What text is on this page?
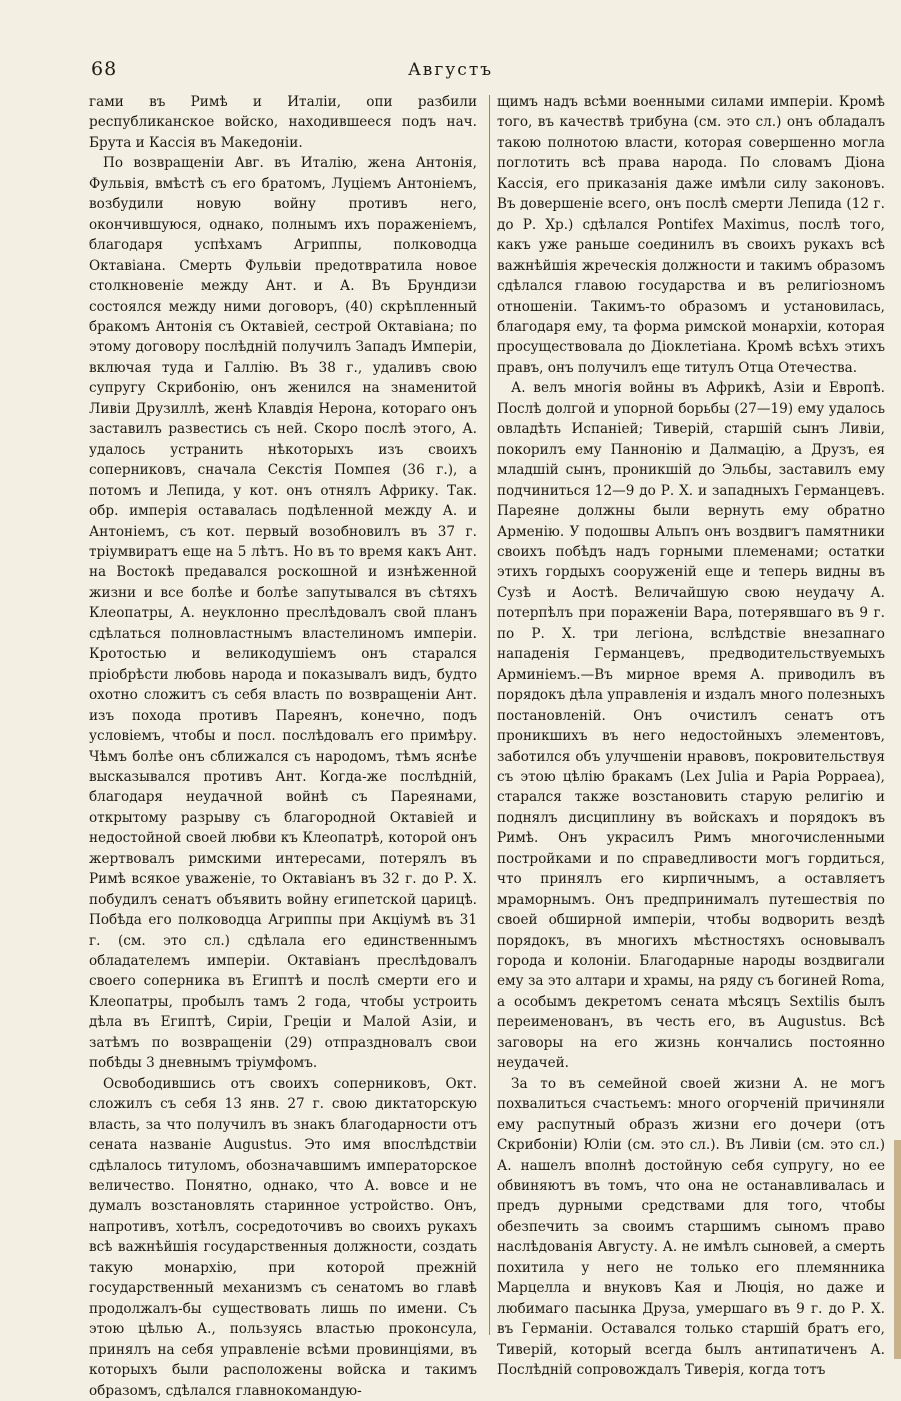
68	Августъ

гами въ Римѣ и Италіи, опи разбили республиканское войско, находившееся подъ нач. Брута и Кассія въ Македоніи.

По возвращеніи Авг. въ Италію, жена Антонія, Фульвія, вмѣстѣ съ его братомъ, Луціемъ Антоніемъ, возбудили новую войну противъ него, окончившуюся, однако, полнымъ ихъ пораженіемъ, благодаря успѣхамъ Агриппы, полководца Октавіана. Смерть Фульвіи предотвратила новое столкновеніе между Ант. и А. Въ Брундизи состоялся между ними договоръ, (40) скрѣпленный бракомъ Антонія съ Октавіей, сестрой Октавіана; по этому договору послѣдній получилъ Западъ Имперіи, включая туда и Галлію. Въ 38 г., удаливъ свою супругу Скрибонію, онъ женился на знаменитой Ливіи Друзиллѣ, женѣ Клавдія Нерона, котораго онъ заставилъ развестись съ ней. Скоро послѣ этого, А. удалось устранить нѣкоторыхъ изъ своихъ соперниковъ, сначала Секстія Помпея (36 г.), а потомъ и Лепида, у кот. онъ отнялъ Африку. Так. обр. имперія оставалась подѣленной между А. и Антоніемъ, съ кот. первый возобновилъ въ 37 г. тріумвиратъ еще на 5 лѣтъ. Но въ то время какъ Ант. на Востокѣ предавался роскошной и изнѣженной жизни и все болѣе и болѣе запутывался въ сѣтяхъ Клеопатры, А. неуклонно преслѣдовалъ свой планъ сдѣлаться полновластнымъ властелиномъ имперіи. Кротостью и великодушіемъ онъ старался пріобрѣсти любовь народа и показывалъ видъ, будто охотно сложитъ съ себя власть по возвращеніи Ант. изъ похода противъ Пареянъ, конечно, подъ условіемъ, чтобы и посл. послѣдовалъ его примѣру. Чѣмъ болѣе онъ сближался съ народомъ, тѣмъ яснѣе высказывался противъ Ант. Когда-же послѣдній, благодаря неудачной войнѣ съ Пареянами, открытому разрыву съ благородной Октавіей и недостойной своей любви къ Клеопатрѣ, которой онъ жертвовалъ римскими интересами, потерялъ въ Римѣ всякое уваженіе, то Октавіанъ въ 32 г. до Р. Х. побудилъ сенатъ объявить войну египетской царицѣ. Побѣда его полководца Агриппы при Акціумѣ въ 31 г. (см. это сл.) сдѣлала его единственнымъ обладателемъ имперіи. Октавіанъ преслѣдовалъ своего соперника въ Египтѣ и послѣ смерти его и Клеопатры, пробылъ тамъ 2 года, чтобы устроить дѣла въ Египтѣ, Сиріи, Греціи и Малой Азіи, и затѣмъ по возвращеніи (29) отпраздновалъ свои побѣды 3 дневнымъ тріумфомъ.

Освободившись отъ своихъ соперниковъ, Окт. сложилъ съ себя 13 янв. 27 г. свою диктаторскую власть, за что получилъ въ знакъ благодарности отъ сената названіе Augustus. Это имя впослѣдствіи сдѣлалось титуломъ, обозначавшимъ императорское величество. Понятно, однако, что А. вовсе и не думалъ возстановлять старинное устройство. Онъ, напротивъ, хотѣлъ, сосредоточивъ во своихъ рукахъ всѣ важнѣйшія государственныя должности, создать такую монархію, при которой прежній государственный механизмъ съ сенатомъ во главѣ продолжалъ-бы существовать лишь по имени. Съ этою цѣлью А., пользуясь властью проконсула, принялъ на себя управленіе всѣми провинціями, въ которыхъ были расположены войска и такимъ образомъ, сдѣлался главнокомандую-

щимъ надъ всѣми военными силами имперіи. Кромѣ того, въ качествѣ трибуна (см. это сл.) онъ обладалъ такою полнотою власти, которая совершенно могла поглотить всѣ права народа. По словамъ Діона Кассія, его приказанія даже имѣли силу законовъ. Въ довершеніе всего, онъ послѣ смерти Лепида (12 г. до Р. Хр.) сдѣлался Pontifex Maximus, послѣ того, какъ уже раньше соединилъ въ своихъ рукахъ всѣ важнѣйшія жреческія должности и такимъ образомъ сдѣлался главою государства и въ религіозномъ отношеніи. Такимъ-то образомъ и установилась, благодаря ему, та форма римской монархіи, которая просуществовала до Діоклетіана. Кромѣ всѣхъ этихъ правъ, онъ получилъ еще титулъ Отца Отечества.

А. велъ многія войны въ Африкѣ, Азіи и Европѣ. Послѣ долгой и упорной борьбы (27—19) ему удалось овладѣть Испаніей; Тиверій, старшій сынъ Ливіи, покорилъ ему Паннонію и Далмацію, а Друзъ, ея младшій сынъ, проникшій до Эльбы, заставилъ ему подчиниться 12—9 до Р. Х. и западныхъ Германцевъ. Пареяне должны были вернуть ему обратно Арменію. У подошвы Альпъ онъ воздвигъ памятники своихъ побѣдъ надъ горными племенами; остатки этихъ гордыхъ сооруженій еще и теперь видны въ Сузѣ и Аостѣ. Величайшую свою неудачу А. потерпѣлъ при пораженіи Вара, потерявшаго въ 9 г. по Р. Х. три легіона, вслѣдствіе внезапнаго нападенія Германцевъ, предводительствуемыхъ Арминіемъ.—Въ мирное время А. приводилъ въ порядокъ дѣла управленія и издалъ много полезныхъ постановленій. Онъ очистилъ сенатъ отъ проникшихъ въ него недостойныхъ элементовъ, заботился объ улучшеніи нравовъ, покровительствуя съ этою цѣлію бракамъ (Lex Julia и Papia Poppaea), старался также возстановить старую религію и поднялъ дисциплину въ войскахъ и порядокъ въ Римѣ. Онъ украсилъ Римъ многочисленными постройками и по справедливости могъ гордиться, что принялъ его кирпичнымъ, а оставляетъ мраморнымъ. Онъ предпринималъ путешествія по своей обширной имперіи, чтобы водворить вездѣ порядокъ, въ многихъ мѣстностяхъ основывалъ города и колоніи. Благодарные народы воздвигали ему за это алтари и храмы, на ряду съ богиней Roma, а особымъ декретомъ сената мѣсяцъ Sextilis былъ переименованъ, въ честь его, въ Augustus. Всѣ заговоры на его жизнь кончались постоянно неудачей.

За то въ семейной своей жизни А. не могъ похвалиться счастьемъ: много огорченій причиняли ему распутный образъ жизни его дочери (отъ Скрибоніи) Юліи (см. это сл.). Въ Ливіи (см. это сл.) А. нашелъ вполнѣ достойную себя супругу, но ее обвиняютъ въ томъ, что она не останавливалась и предъ дурными средствами для того, чтобы обезпечить за своимъ старшимъ сыномъ право наслѣдованія Августу. А. не имѣлъ сыновей, а смерть похитила у него не только его племянника Марцелла и внуковъ Кая и Люція, но даже и любимаго пасынка Друза, умершаго въ 9 г. до Р. Х. въ Германіи. Оставался только старшій братъ его, Тиверій, который всегда былъ антипатиченъ А. Послѣдній сопровождалъ Тиверія, когда тотъ
